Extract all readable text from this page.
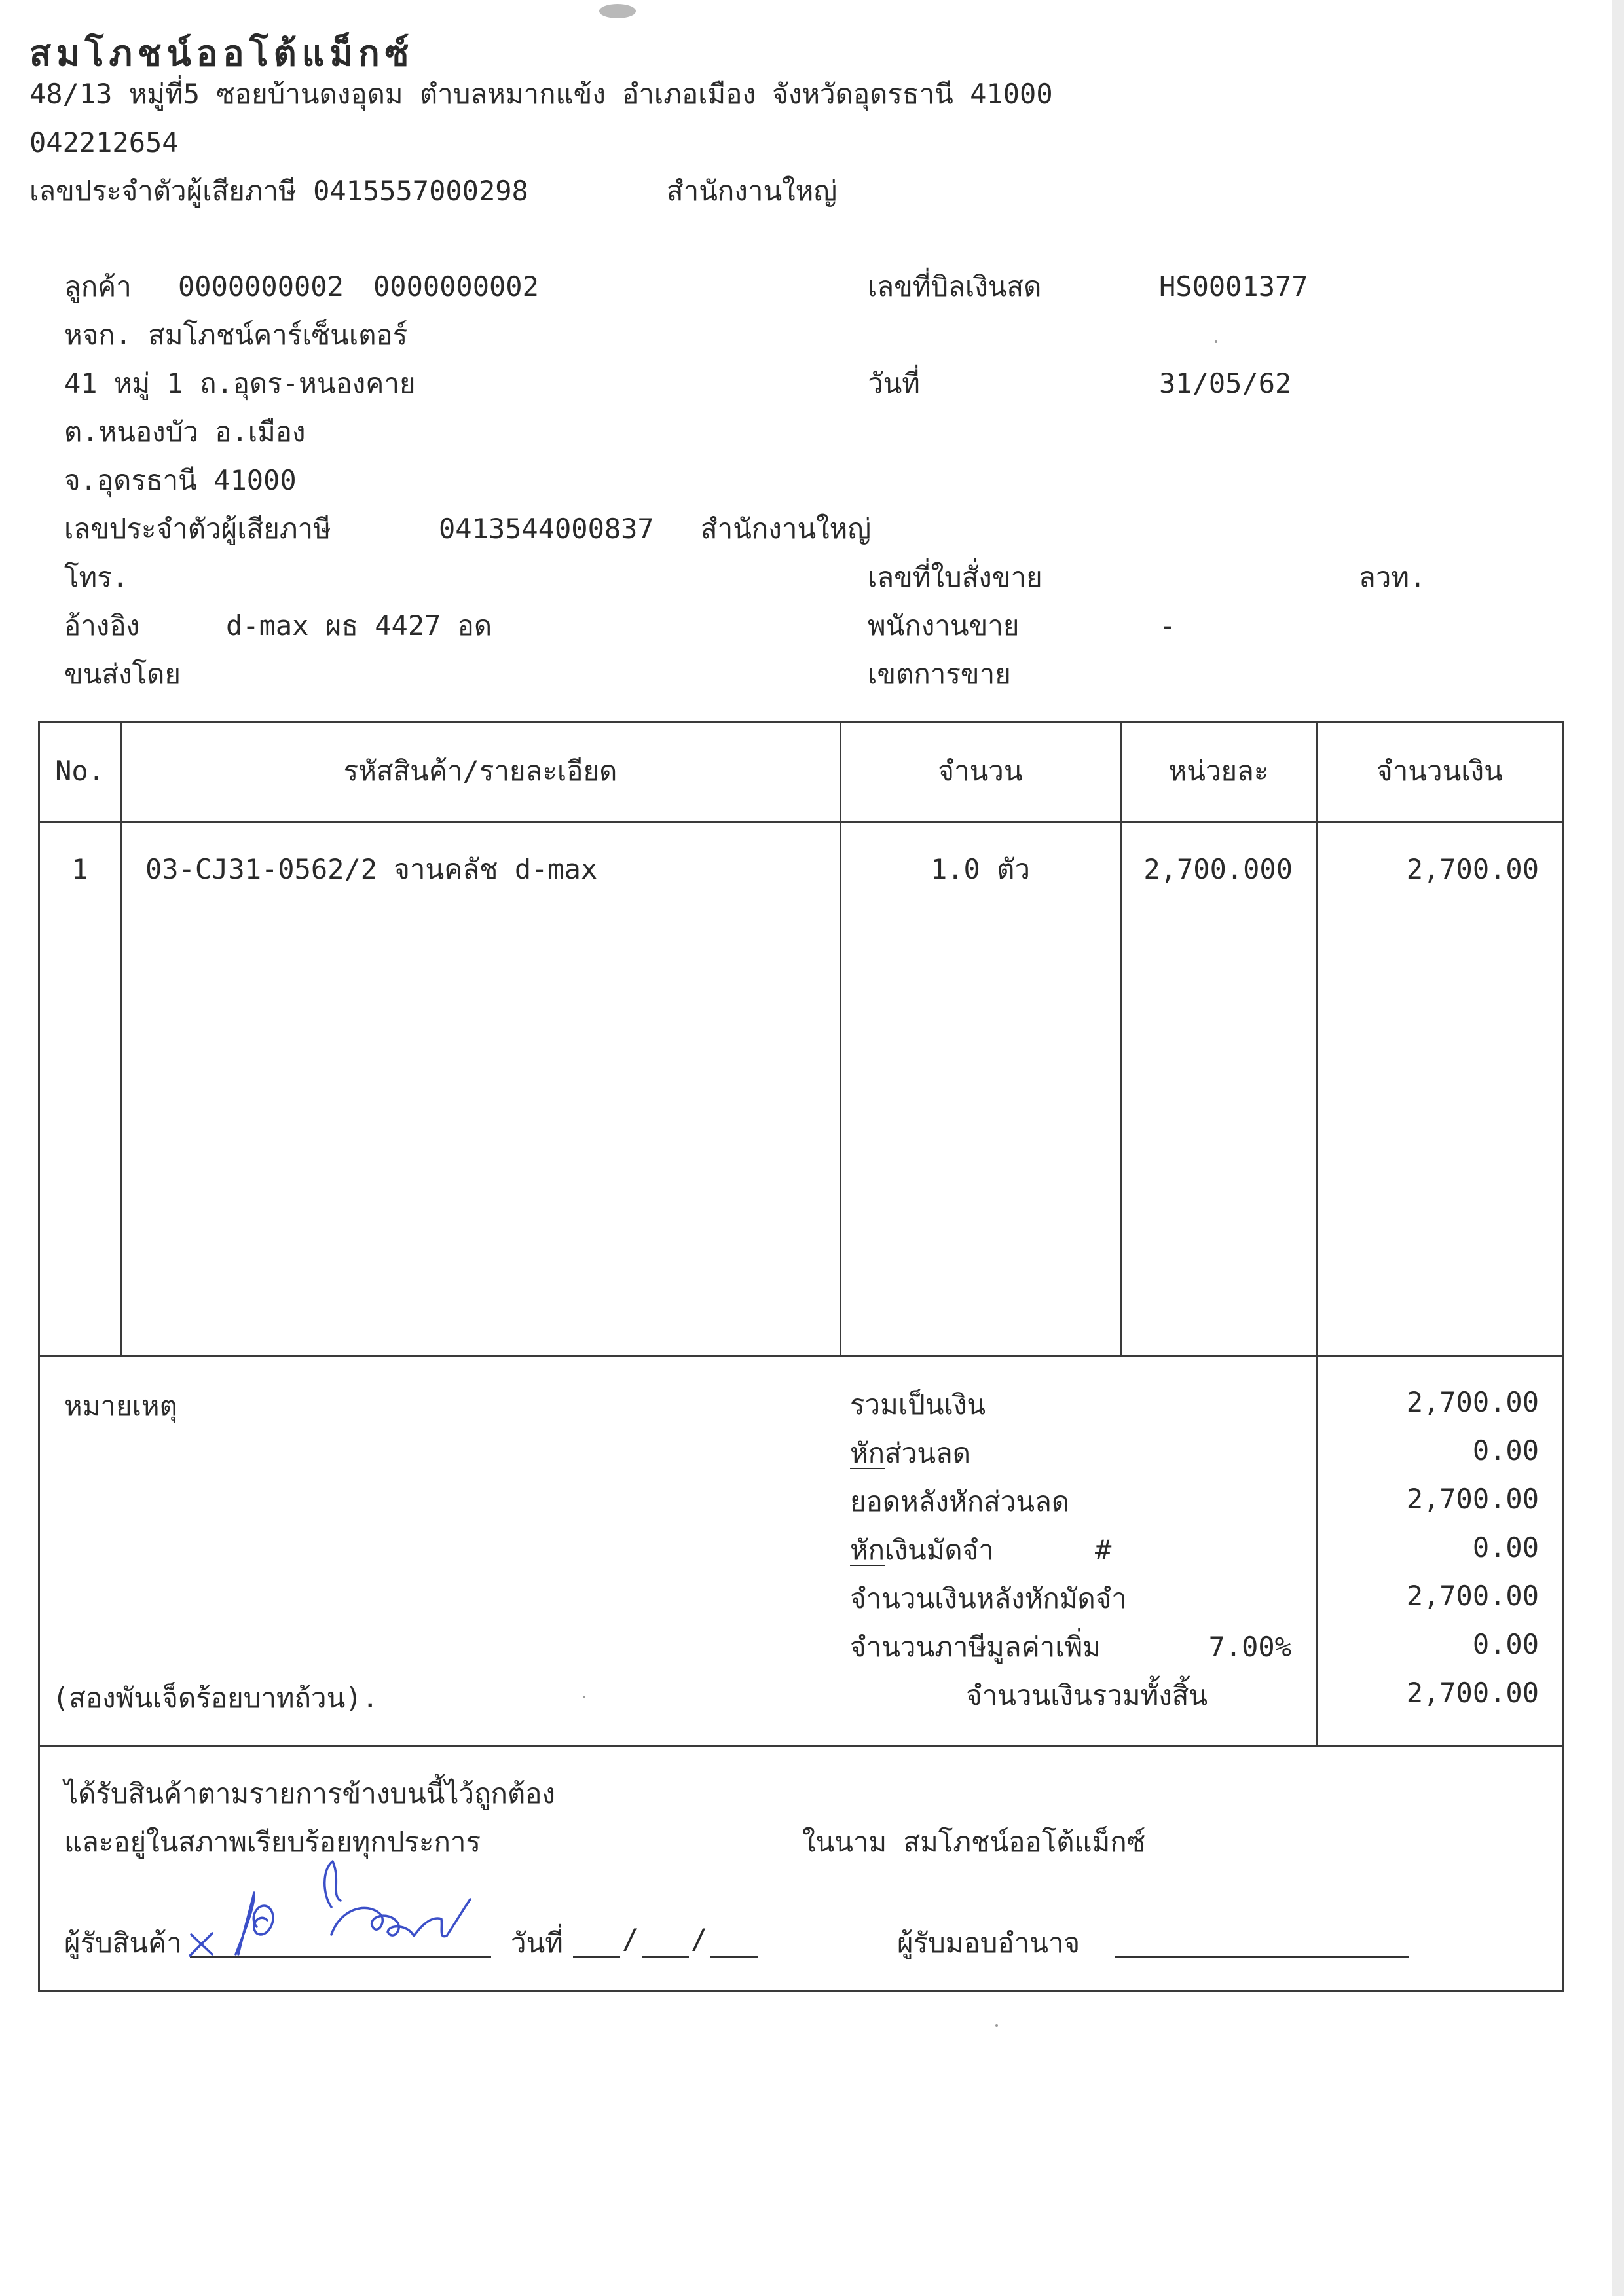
สมโภชน์ออโต้แม็กซ์
48/13 หมู่ที่5 ซอยบ้านดงอุดม ตำบลหมากแข้ง อำเภอเมือง จังหวัดอุดรธานี 41000
042212654
เลขประจำตัวผู้เสียภาษี 0415557000298	สำนักงานใหญ่
ลูกค้า 0000000002 0000000002
หจก. สมโภชน์คาร์เซ็นเตอร์
41 หมู่ 1 ถ.อุดร-หนองคาย
ต.หนองบัว อ.เมือง
จ.อุดรธานี 41000
เลขประจำตัวผู้เสียภาษี	0413544000837 สำนักงานใหญ่
โทร.
อ้างอิง	d-max ผธ 4427 อด
ขนส่งโดย
เลขที่บิลเงินสด	HS0001377
วันที่	31/05/62
เลขที่ใบสั่งขาย	ลวท.
พนักงานขาย	-
เขตการขาย
No.	รหัสสินค้า/รายละเอียด	จำนวน	หน่วยละ	จำนวนเงิน
1	03-CJ31-0562/2 จานคลัช d-max	1.0 ตัว	2,700.000	2,700.00
หมายเหตุ	รวมเป็นเงิน	2,700.00
หักส่วนลด	0.00
ยอดหลังหักส่วนลด	2,700.00
หักเงินมัดจำ	#	0.00
จำนวนเงินหลังหักมัดจำ	2,700.00
จำนวนภาษีมูลค่าเพิ่ม	7.00%	0.00
(สองพันเจ็ดร้อยบาทถ้วน).	จำนวนเงินรวมทั้งสิ้น	2,700.00
ได้รับสินค้าตามรายการข้างบนนี้ไว้ถูกต้อง
และอยู่ในสภาพเรียบร้อยทุกประการ	ในนาม สมโภชน์ออโต้แม็กซ์
ผู้รับสินค้า	วันที่ / /	ผู้รับมอบอำนาจ
